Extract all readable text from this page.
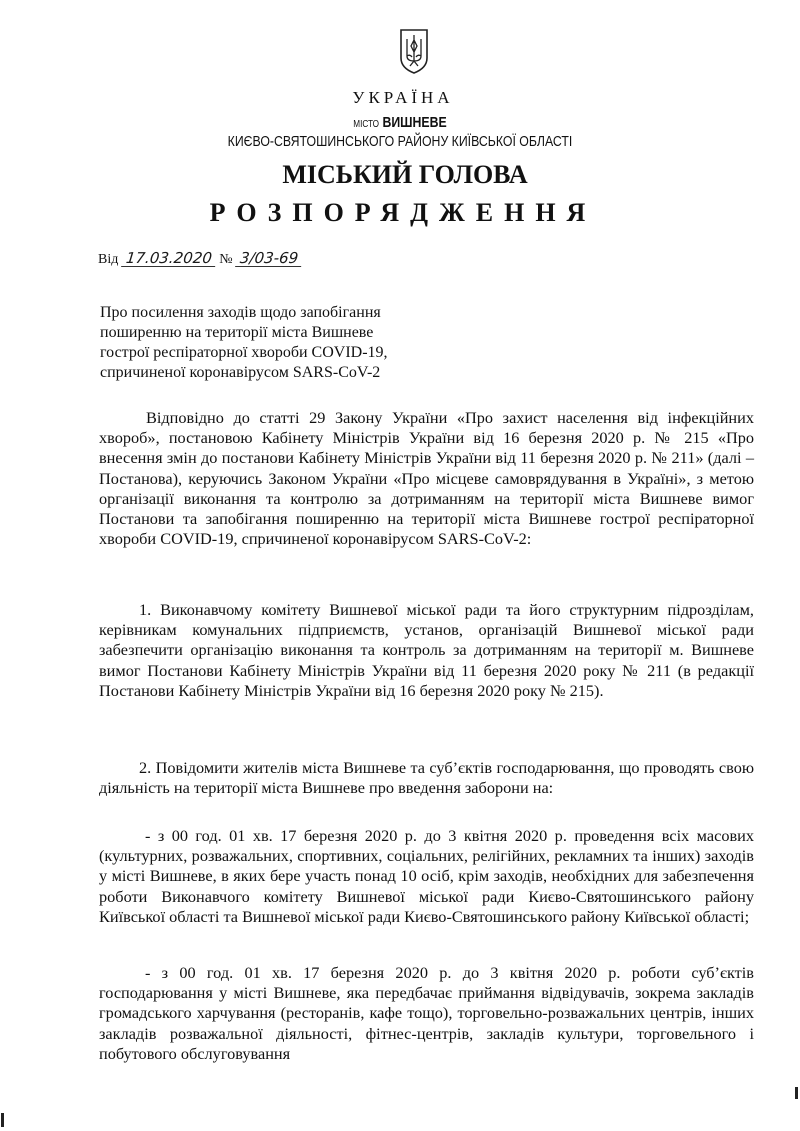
УКРАЇНА
МІСТО ВИШНЕВЕ
КИЄВО-СВЯТОШИНСЬКОГО РАЙОНУ КИЇВСЬКОЇ ОБЛАСТІ
МІСЬКИЙ ГОЛОВА
РОЗПОРЯДЖЕННЯ
Від 17.03.2020 № 3/03-69
Про посилення заходів щодо запобігання
поширенню на території міста Вишневе
гострої респіраторної хвороби COVID-19,
спричиненої коронавірусом SARS-CoV-2

Відповідно до статті 29 Закону України «Про захист населення від інфекційних хвороб», постановою Кабінету Міністрів України від 16 березня 2020 р. № 215 «Про внесення змін до постанови Кабінету Міністрів України від 11 березня 2020 р. № 211» (далі – Постанова), керуючись Законом України «Про місцеве самоврядування в Україні», з метою організації виконання та контролю за дотриманням на території міста Вишневе вимог Постанови та запобігання поширенню на території міста Вишневе гострої респіраторної хвороби COVID-19, спричиненої коронавірусом SARS-CoV-2:

1. Виконавчому комітету Вишневої міської ради та його структурним підрозділам, керівникам комунальних підприємств, установ, організацій Вишневої міської ради забезпечити організацію виконання та контроль за дотриманням на території м. Вишневе вимог Постанови Кабінету Міністрів України від 11 березня 2020 року № 211 (в редакції Постанови Кабінету Міністрів України від 16 березня 2020 року № 215).

2. Повідомити жителів міста Вишневе та суб’єктів господарювання, що проводять свою діяльність на території міста Вишневе про введення заборони на:

- з 00 год. 01 хв. 17 березня 2020 р. до 3 квітня 2020 р. проведення всіх масових (культурних, розважальних, спортивних, соціальних, релігійних, рекламних та інших) заходів у місті Вишневе, в яких бере участь понад 10 осіб, крім заходів, необхідних для забезпечення роботи Виконавчого комітету Вишневої міської ради Києво-Святошинського району Київської області та Вишневої міської ради Києво-Святошинського району Київської області;

- з 00 год. 01 хв. 17 березня 2020 р. до 3 квітня 2020 р. роботи суб’єктів господарювання у місті Вишневе, яка передбачає приймання відвідувачів, зокрема закладів громадського харчування (ресторанів, кафе тощо), торговельно-розважальних центрів, інших закладів розважальної діяльності, фітнес-центрів, закладів культури, торговельного і побутового обслуговування
